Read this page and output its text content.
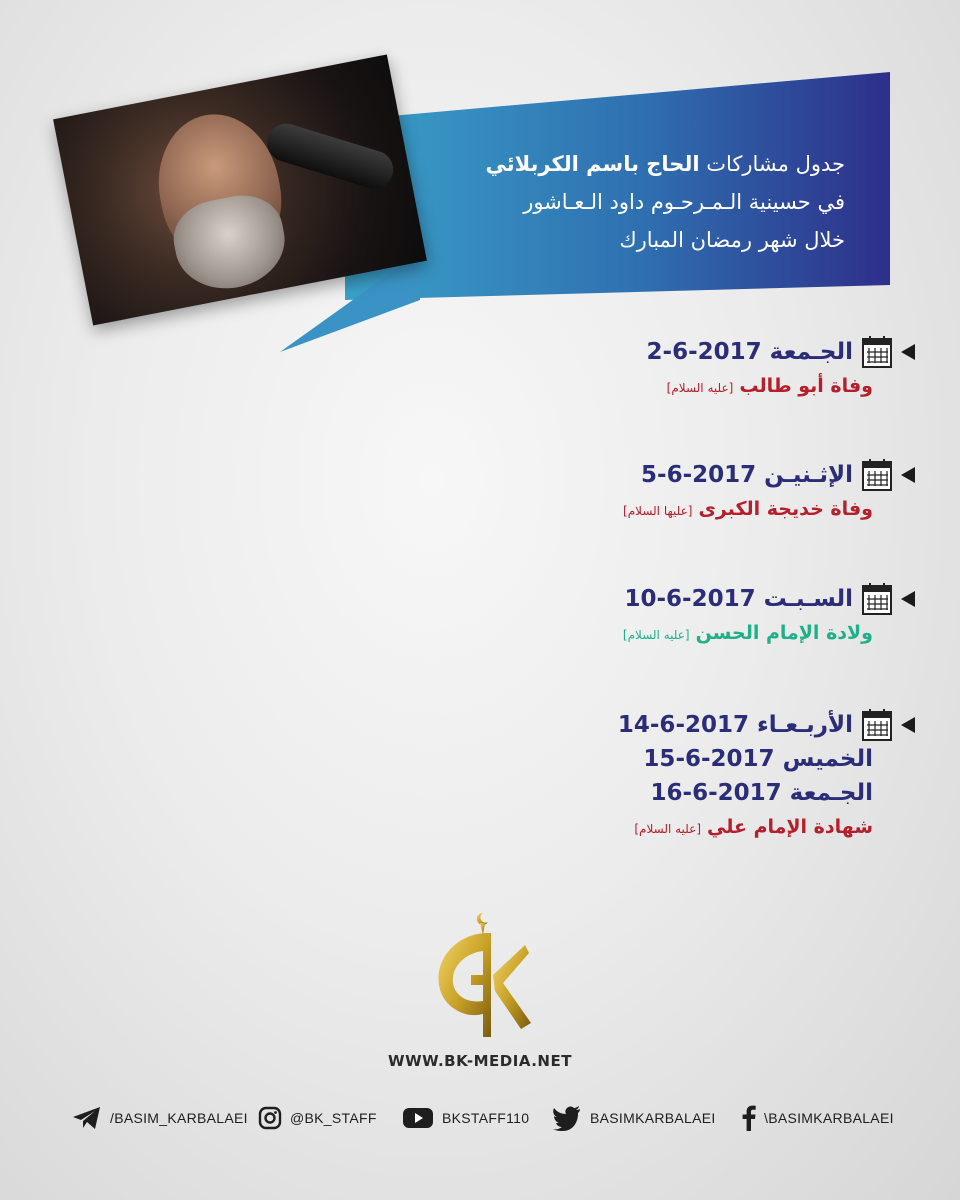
جدول مشاركات الحاج باسم الكربلائي
في حسينية الـمـرحـوم داود الـعـاشور
خلال شهر رمضان المبارك
الجـمعة 2017-6-2
وفاة أبو طالب[عليه السلام]
الإثـنيـن 2017-6-5
وفاة خديجة الكبرى[عليها السلام]
السـبـت 2017-6-10
ولادة الإمام الحسن[عليه السلام]
الأربـعـاء 2017-6-14
الخميس 2017-6-15
الجـمعة 2017-6-16
شهادة الإمام علي[عليه السلام]
WWW.BK-MEDIA.NET
/BASIM_KARBALAEI	@BK_STAFF	BKSTAFF110	BASIMKARBALAEI	\BASIMKARBALAEI
